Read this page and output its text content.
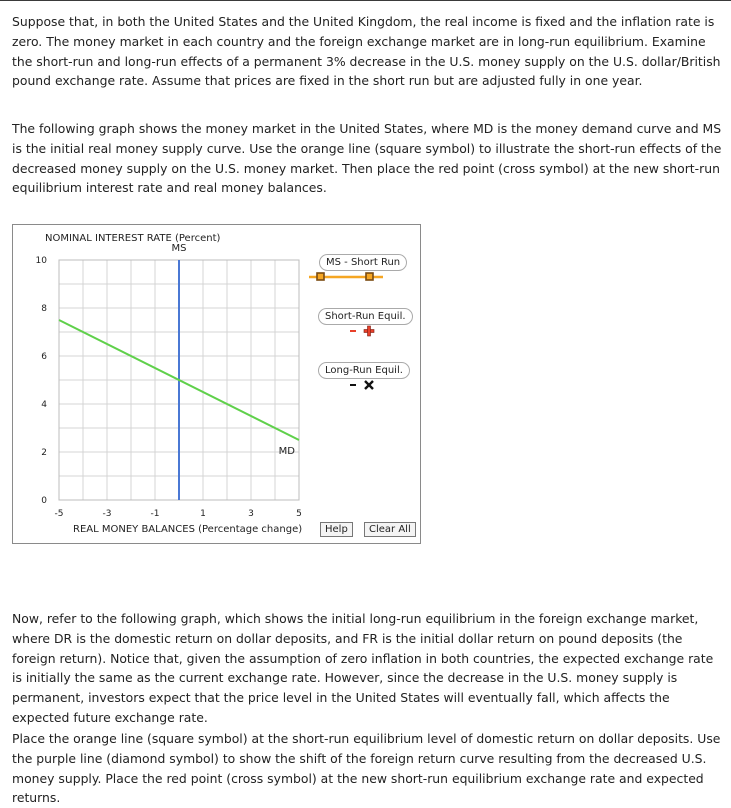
Suppose that, in both the United States and the United Kingdom, the real income is fixed and the inflation rate is zero. The money market in each country and the foreign exchange market are in long-run equilibrium. Examine the short-run and long-run effects of a permanent 3% decrease in the U.S. money supply on the U.S. dollar/British pound exchange rate. Assume that prices are fixed in the short run but are adjusted fully in one year.

The following graph shows the money market in the United States, where MD is the money demand curve and MS is the initial real money supply curve. Use the orange line (square symbol) to illustrate the short-run effects of the decreased money supply on the U.S. money market. Then place the red point (cross symbol) at the new short-run equilibrium interest rate and real money balances.

NOMINAL INTEREST RATE (Percent)
0
2
4
6
8
10
-5	-3	-1	1	3	5
MS
MD
REAL MONEY BALANCES (Percentage change)
MS - Short Run
Short-Run Equil.
Long-Run Equil.
Help	Clear All

Now, refer to the following graph, which shows the initial long-run equilibrium in the foreign exchange market, where DR is the domestic return on dollar deposits, and FR is the initial dollar return on pound deposits (the foreign return). Notice that, given the assumption of zero inflation in both countries, the expected exchange rate is initially the same as the current exchange rate. However, since the decrease in the U.S. money supply is permanent, investors expect that the price level in the United States will eventually fall, which affects the expected future exchange rate.

Place the orange line (square symbol) at the short-run equilibrium level of domestic return on dollar deposits. Use the purple line (diamond symbol) to show the shift of the foreign return curve resulting from the decreased U.S. money supply. Place the red point (cross symbol) at the new short-run equilibrium exchange rate and expected returns.
